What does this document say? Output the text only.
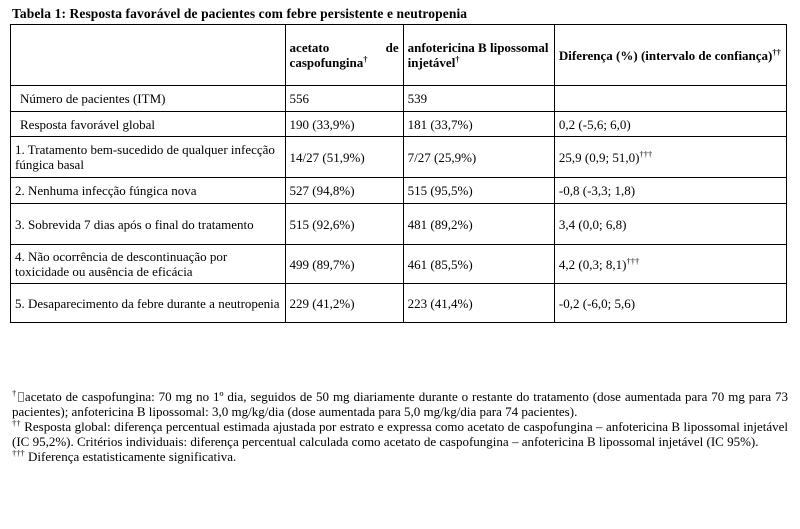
Tabela 1: Resposta favorável de pacientes com febre persistente e neutropenia
	acetato de caspofungina†	anfotericina B lipossomal injetável†	Diferença (%) (intervalo de confiança)††
Número de pacientes (ITM)	556	539	
Resposta favorável global	190 (33,9%)	181 (33,7%)	0,2 (-5,6; 6,0)
1. Tratamento bem-sucedido de qualquer infecção fúngica basal	14/27 (51,9%)	7/27 (25,9%)	25,9 (0,9; 51,0)†††
2. Nenhuma infecção fúngica nova	527 (94,8%)	515 (95,5%)	-0,8 (-3,3; 1,8)
3. Sobrevida 7 dias após o final do tratamento	515 (92,6%)	481 (89,2%)	3,4 (0,0; 6,8)
4. Não ocorrência de descontinuação por toxicidade ou ausência de eficácia	499 (89,7%)	461 (85,5%)	4,2 (0,3; 8,1)†††
5. Desaparecimento da febre durante a neutropenia	229 (41,2%)	223 (41,4%)	-0,2 (-6,0; 5,6)

† acetato de caspofungina: 70 mg no 1º dia, seguidos de 50 mg diariamente durante o restante do tratamento (dose aumentada para 70 mg para 73 pacientes); anfotericina B lipossomal: 3,0 mg/kg/dia (dose aumentada para 5,0 mg/kg/dia para 74 pacientes).

†† Resposta global: diferença percentual estimada ajustada por estrato e expressa como acetato de caspofungina – anfotericina B lipossomal injetável (IC 95,2%). Critérios individuais: diferença percentual calculada como acetato de caspofungina – anfotericina B lipossomal injetável (IC 95%).

††† Diferença estatisticamente significativa.
